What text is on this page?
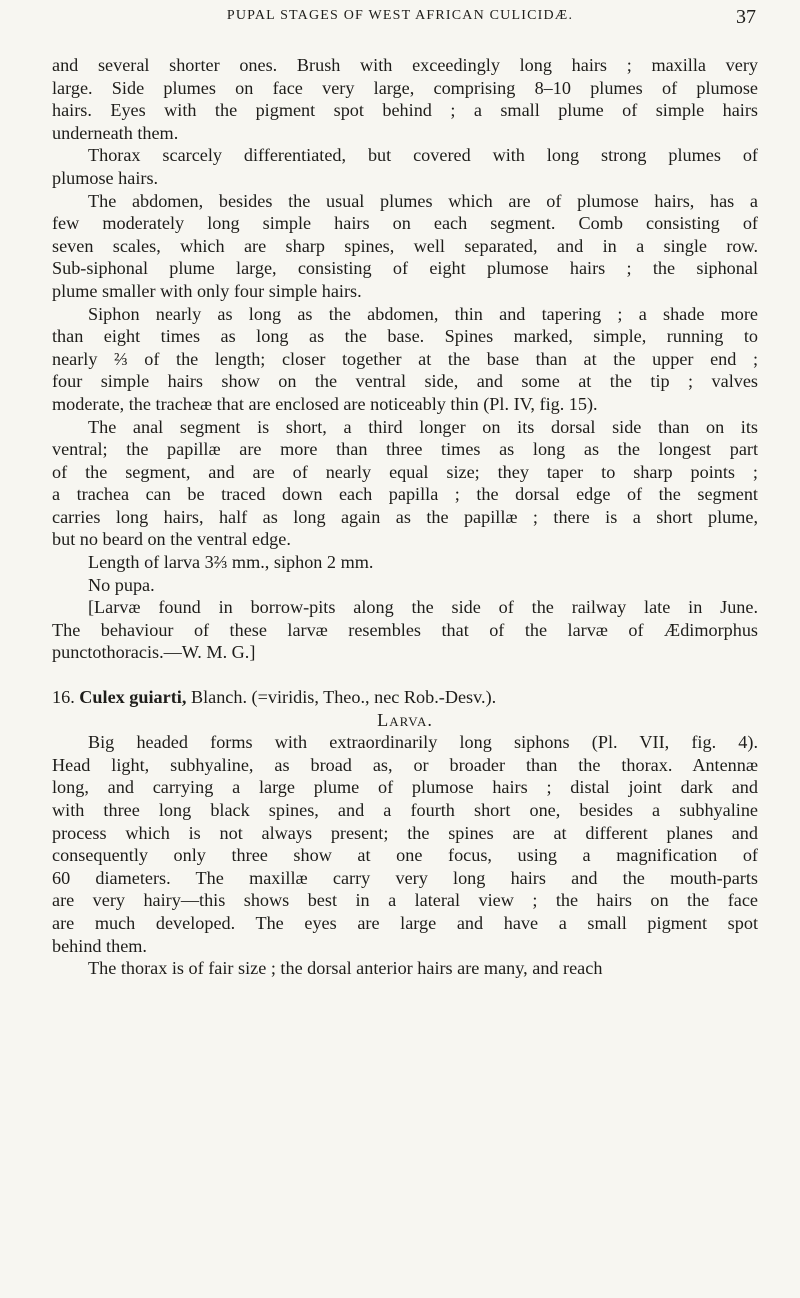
PUPAL STAGES OF WEST AFRICAN CULICIDÆ.	37
and several shorter ones. Brush with exceedingly long hairs ; maxilla very
large. Side plumes on face very large, comprising 8–10 plumes of plumose
hairs. Eyes with the pigment spot behind ; a small plume of simple hairs
underneath them.
Thorax scarcely differentiated, but covered with long strong plumes of
plumose hairs.
The abdomen, besides the usual plumes which are of plumose hairs, has a
few moderately long simple hairs on each segment. Comb consisting of
seven scales, which are sharp spines, well separated, and in a single row.
Sub-siphonal plume large, consisting of eight plumose hairs ; the siphonal
plume smaller with only four simple hairs.
Siphon nearly as long as the abdomen, thin and tapering ; a shade more
than eight times as long as the base. Spines marked, simple, running to
nearly ⅔ of the length; closer together at the base than at the upper end ;
four simple hairs show on the ventral side, and some at the tip ; valves
moderate, the tracheæ that are enclosed are noticeably thin (Pl. IV, fig. 15).
The anal segment is short, a third longer on its dorsal side than on its
ventral; the papillæ are more than three times as long as the longest part
of the segment, and are of nearly equal size; they taper to sharp points ;
a trachea can be traced down each papilla ; the dorsal edge of the segment
carries long hairs, half as long again as the papillæ ; there is a short plume,
but no beard on the ventral edge.
Length of larva 3⅔ mm., siphon 2 mm.
No pupa.
[Larvæ found in borrow-pits along the side of the railway late in June.
The behaviour of these larvæ resembles that of the larvæ of Ædimorphus
punctothoracis.—W. M. G.]
16. Culex guiarti, Blanch. (=viridis, Theo., nec Rob.-Desv.).
Larva.
Big headed forms with extraordinarily long siphons (Pl. VII, fig. 4).
Head light, subhyaline, as broad as, or broader than the thorax. Antennæ
long, and carrying a large plume of plumose hairs ; distal joint dark and
with three long black spines, and a fourth short one, besides a subhyaline
process which is not always present; the spines are at different planes and
consequently only three show at one focus, using a magnification of
60 diameters. The maxillæ carry very long hairs and the mouth-parts
are very hairy—this shows best in a lateral view ; the hairs on the face
are much developed. The eyes are large and have a small pigment spot
behind them.
The thorax is of fair size ; the dorsal anterior hairs are many, and reach
